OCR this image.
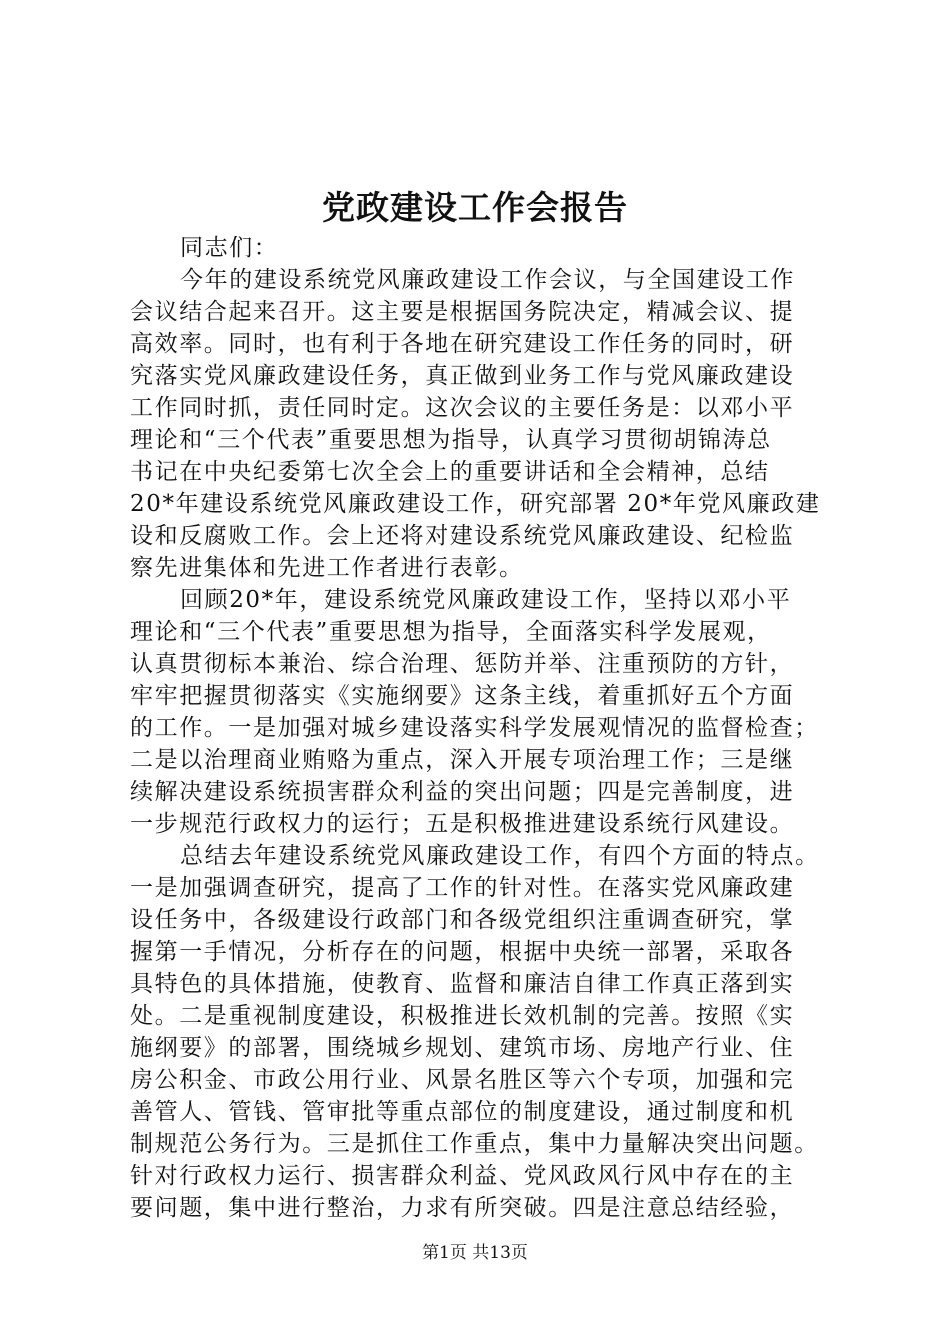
党政建设工作会报告
同志们：
今年的建设系统党风廉政建设工作会议，与全国建设工作
会议结合起来召开。这主要是根据国务院决定，精减会议、提
高效率。同时，也有利于各地在研究建设工作任务的同时，研
究落实党风廉政建设任务，真正做到业务工作与党风廉政建设
工作同时抓，责任同时定。这次会议的主要任务是：以邓小平
理论和“三个代表”重要思想为指导，认真学习贯彻胡锦涛总
书记在中央纪委第七次全会上的重要讲话和全会精神，总结
20*年建设系统党风廉政建设工作，研究部署 20*年党风廉政建
设和反腐败工作。会上还将对建设系统党风廉政建设、纪检监
察先进集体和先进工作者进行表彰。
回顾20*年，建设系统党风廉政建设工作，坚持以邓小平
理论和“三个代表”重要思想为指导，全面落实科学发展观，
认真贯彻标本兼治、综合治理、惩防并举、注重预防的方针，
牢牢把握贯彻落实《实施纲要》这条主线，着重抓好五个方面
的工作。一是加强对城乡建设落实科学发展观情况的监督检查；
二是以治理商业贿赂为重点，深入开展专项治理工作；三是继
续解决建设系统损害群众利益的突出问题；四是完善制度，进
一步规范行政权力的运行；五是积极推进建设系统行风建设。
总结去年建设系统党风廉政建设工作，有四个方面的特点。
一是加强调查研究，提高了工作的针对性。在落实党风廉政建
设任务中，各级建设行政部门和各级党组织注重调查研究，掌
握第一手情况，分析存在的问题，根据中央统一部署，采取各
具特色的具体措施，使教育、监督和廉洁自律工作真正落到实
处。二是重视制度建设，积极推进长效机制的完善。按照《实
施纲要》的部署，围绕城乡规划、建筑市场、房地产行业、住
房公积金、市政公用行业、风景名胜区等六个专项，加强和完
善管人、管钱、管审批等重点部位的制度建设，通过制度和机
制规范公务行为。三是抓住工作重点，集中力量解决突出问题。
针对行政权力运行、损害群众利益、党风政风行风中存在的主
要问题，集中进行整治，力求有所突破。四是注意总结经验，
第1页 共13页
